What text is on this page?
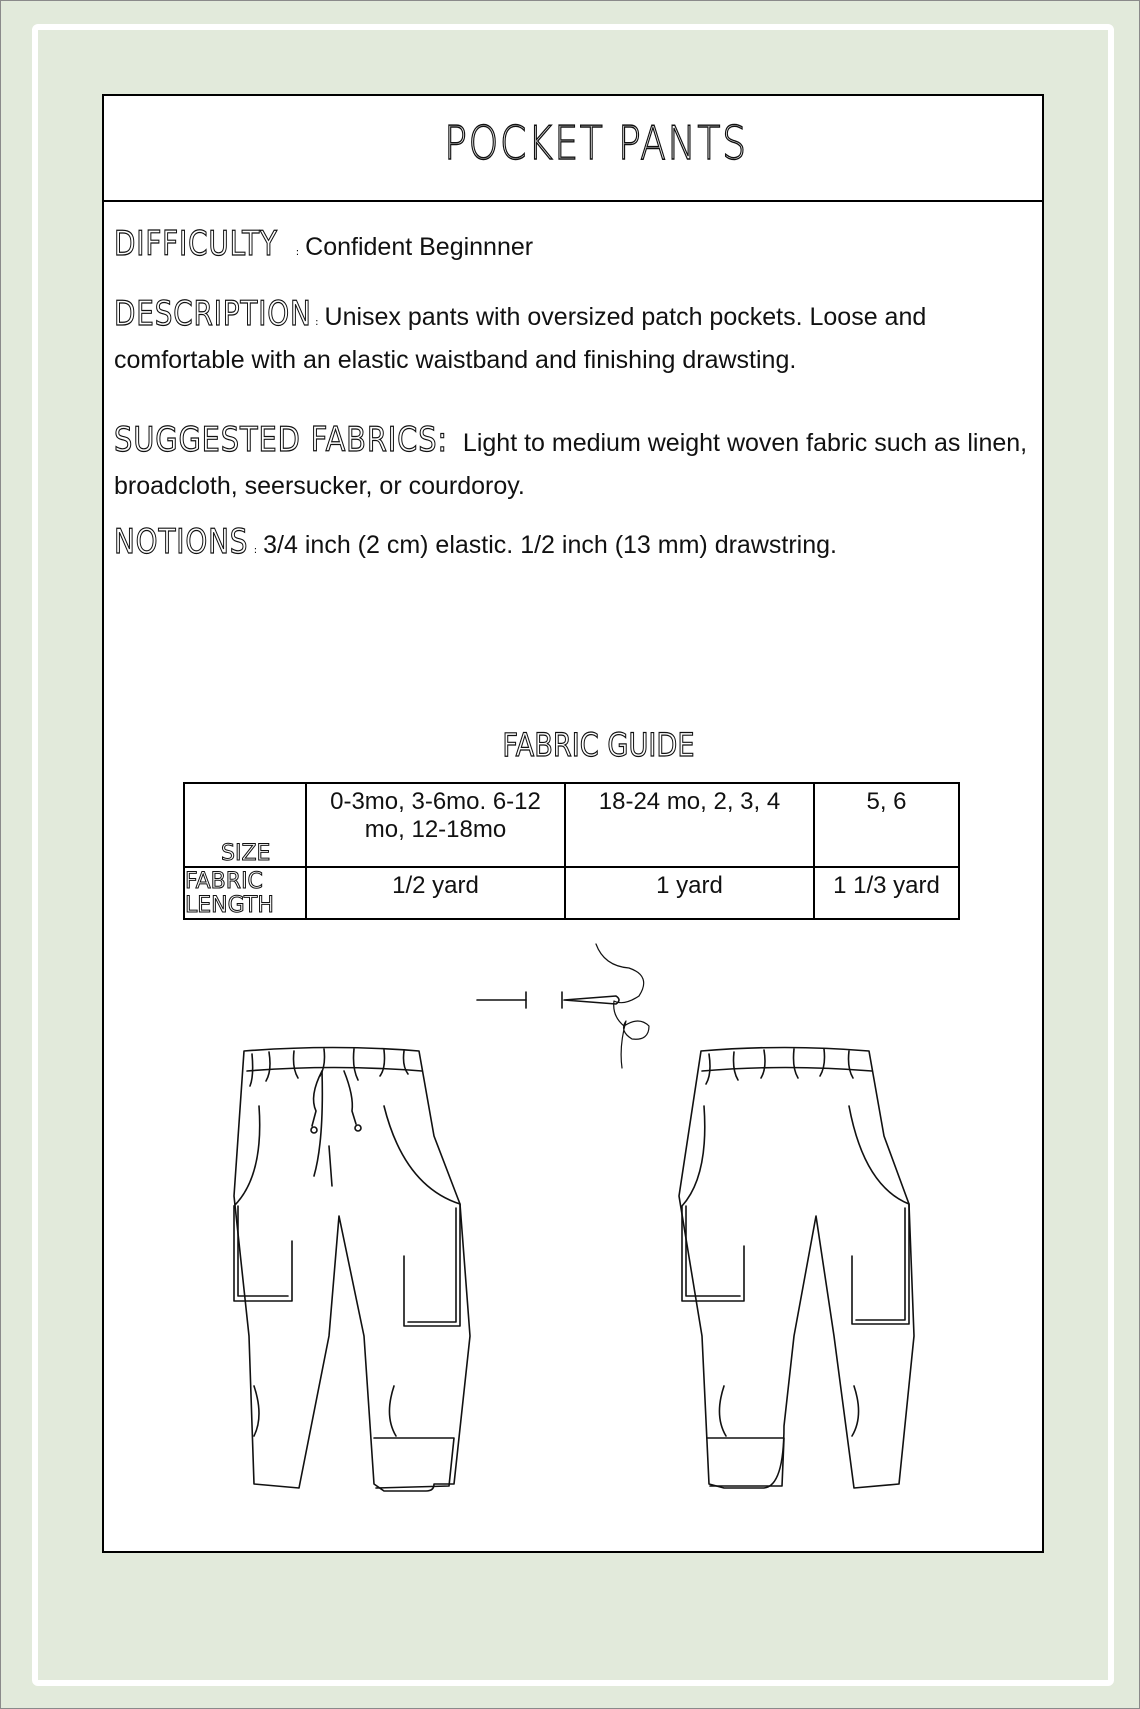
POCKET PANTS
DIFFICULTY : Confident Beginnner
DESCRIPTION : Unisex pants with oversized patch pockets. Loose and comfortable with an elastic waistband and finishing drawsting.
SUGGESTED FABRICS: Light to medium weight woven fabric such as linen, broadcloth, seersucker, or courdoroy.
NOTIONS : 3/4 inch (2 cm) elastic. 1/2 inch (13 mm) drawstring.
FABRIC GUIDE
SIZE	0-3mo, 3-6mo. 6-12 mo, 12-18mo	18-24 mo, 2, 3, 4	5, 6

FABRIC
LENGTH	1/2 yard	1 yard	1 1/3 yard
